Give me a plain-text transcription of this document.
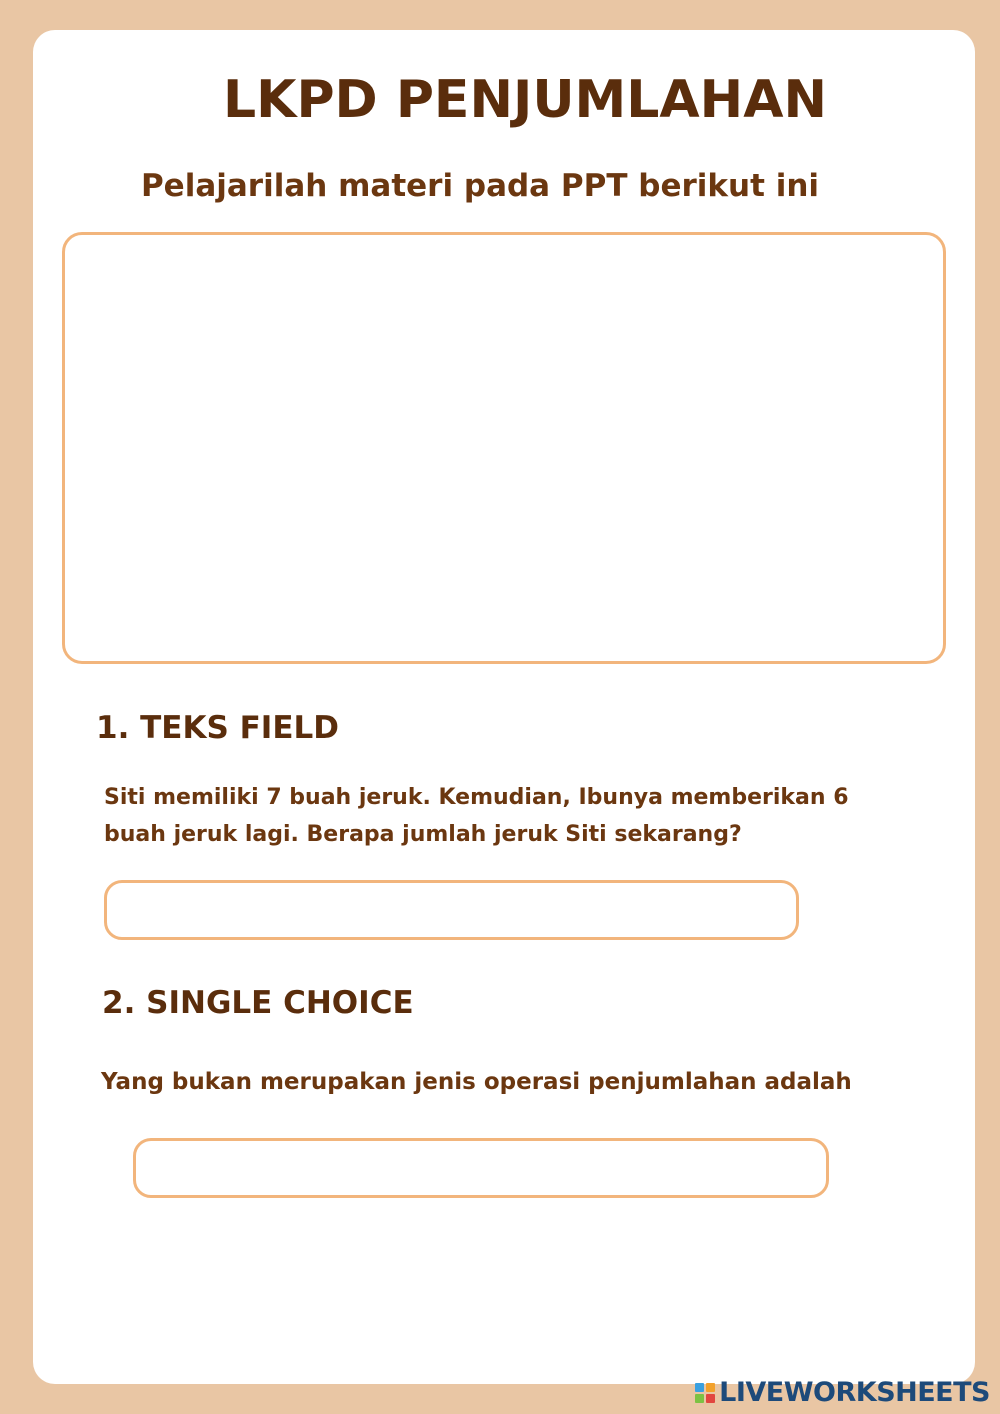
LKPD PENJUMLAHAN
Pelajarilah materi pada PPT berikut ini
1. TEKS FIELD
Siti memiliki 7 buah jeruk. Kemudian, Ibunya memberikan 6
buah jeruk lagi. Berapa jumlah jeruk Siti sekarang?
2. SINGLE CHOICE
Yang bukan merupakan jenis operasi penjumlahan adalah
LIVEWORKSHEETS
